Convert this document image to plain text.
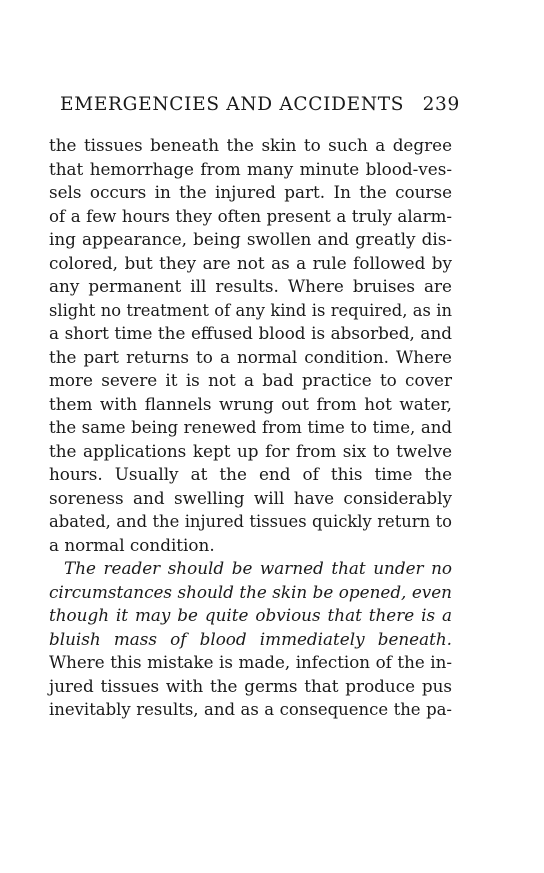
EMERGENCIES AND ACCIDENTS 239
the tissues beneath the skin to such a degree
that hemorrhage from many minute blood-ves-
sels occurs in the injured part. In the course
of a few hours they often present a truly alarm-
ing appearance, being swollen and greatly dis-
colored, but they are not as a rule followed by
any permanent ill results. Where bruises are
slight no treatment of any kind is required, as in
a short time the effused blood is absorbed, and
the part returns to a normal condition. Where
more severe it is not a bad practice to cover
them with flannels wrung out from hot water,
the same being renewed from time to time, and
the applications kept up for from six to twelve
hours. Usually at the end of this time the
soreness and swelling will have considerably
abated, and the injured tissues quickly return to
a normal condition.
The reader should be warned that under no
circumstances should the skin be opened, even
though it may be quite obvious that there is a
bluish mass of blood immediately beneath.
Where this mistake is made, infection of the in-
jured tissues with the germs that produce pus
inevitably results, and as a consequence the pa-
